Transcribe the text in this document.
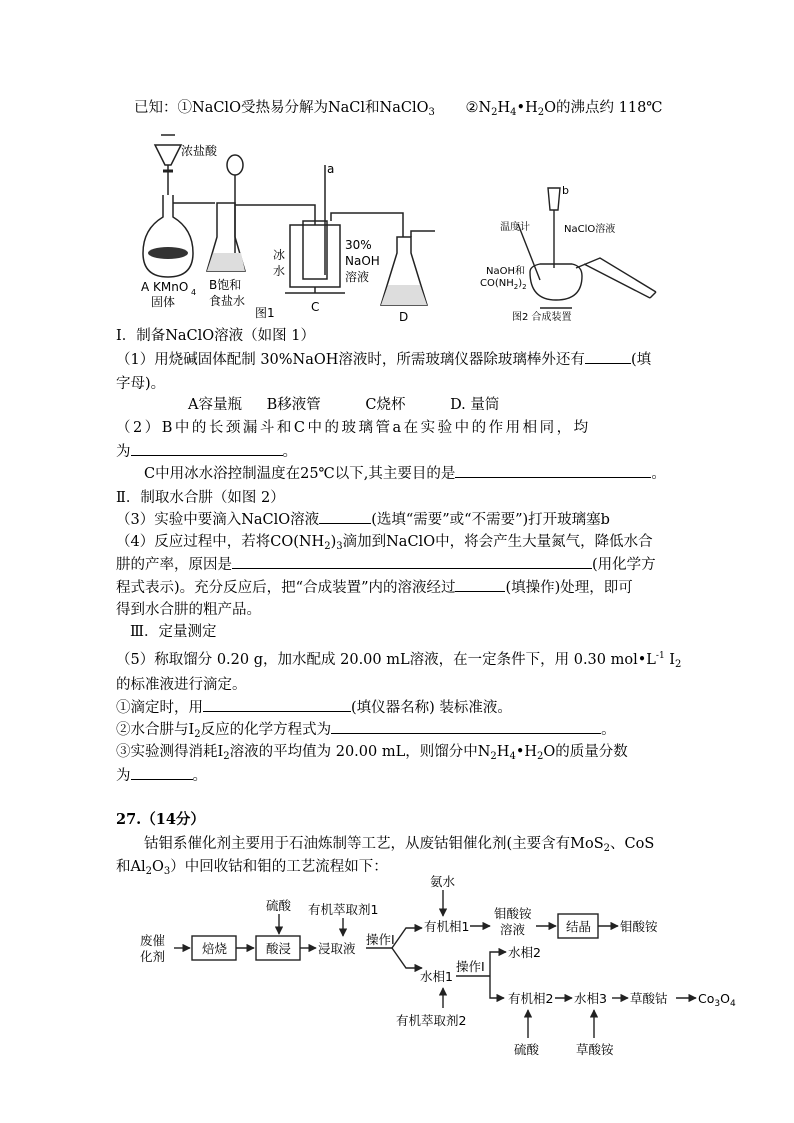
已知：①NaClO受热易分解为NaCl和NaClO$_3$ $②N_2H_4•H_2O$的沸点约 118℃
浓盐酸
a
A KMnO 4
固体
B饱和
食盐水
冰
水
30%
NaOH
溶液
C
D
图1
b
温度计	NaClO溶液
NaOH和
$CO(NH_2)_2$
图2 合成装置
Ⅰ．制备NaClO溶液（如图 1）
（1）用烧碱固体配制 30%NaOH溶液时，所需玻璃仪器除玻璃棒外还有	(填
字母)。
A容量瓶 B移液管	C烧杯	D. 量筒
（2）B中的长颈漏斗和C中的玻璃管a在实验中的作用相同，均
为	。
C中用冰水浴控制温度在25℃以下,其主要目的是	。
Ⅱ．制取水合肼（如图 2）
（3）实验中要滴入NaClO溶液	(选填“需要”或“不需要”)打开玻璃塞b
（4）反应过程中，若将$CO(NH_2)_3$滴加到NaClO中，将会产生大量氮气，降低水合
肼的产率，原因是	(用化学方
程式表示)。充分反应后，把“合成装置”内的溶液经过	(填操作)处理，即可
得到水合肼的粗产品。
Ⅲ．定量测定
（5）称取馏分 0.20 g，加水配成 20.00 mL溶液，在一定条件下，用 0.30 $mol•L^{-1}$ $I_2$
的标准液进行滴定。
①滴定时，用	(填仪器名称) 装标准液。
②水合肼与$I_2$反应的化学方程式为	。
③实验测得消耗$I_2$溶液的平均值为 20.00 mL，则馏分中$N_2H_4•H_2O$的质量分数
为	。
27.（14分）
钴钼系催化剂主要用于石油炼制等工艺，从废钴钼催化剂(主要含有MoS$_2$、CoS
和$Al_2O_3$）中回收钴和钼的工艺流程如下：
废催
化剂
焙烧	酸浸
硫酸 有机萃取剂1
浸取液
操作I
氨水
有机相1
钼酸铵
溶液	结晶 钼酸铵
水相2
水相1
操作I
有机相2 水相3 草酸钴 $Co_3O_4$
有机萃取剂2
硫酸	草酸铵
